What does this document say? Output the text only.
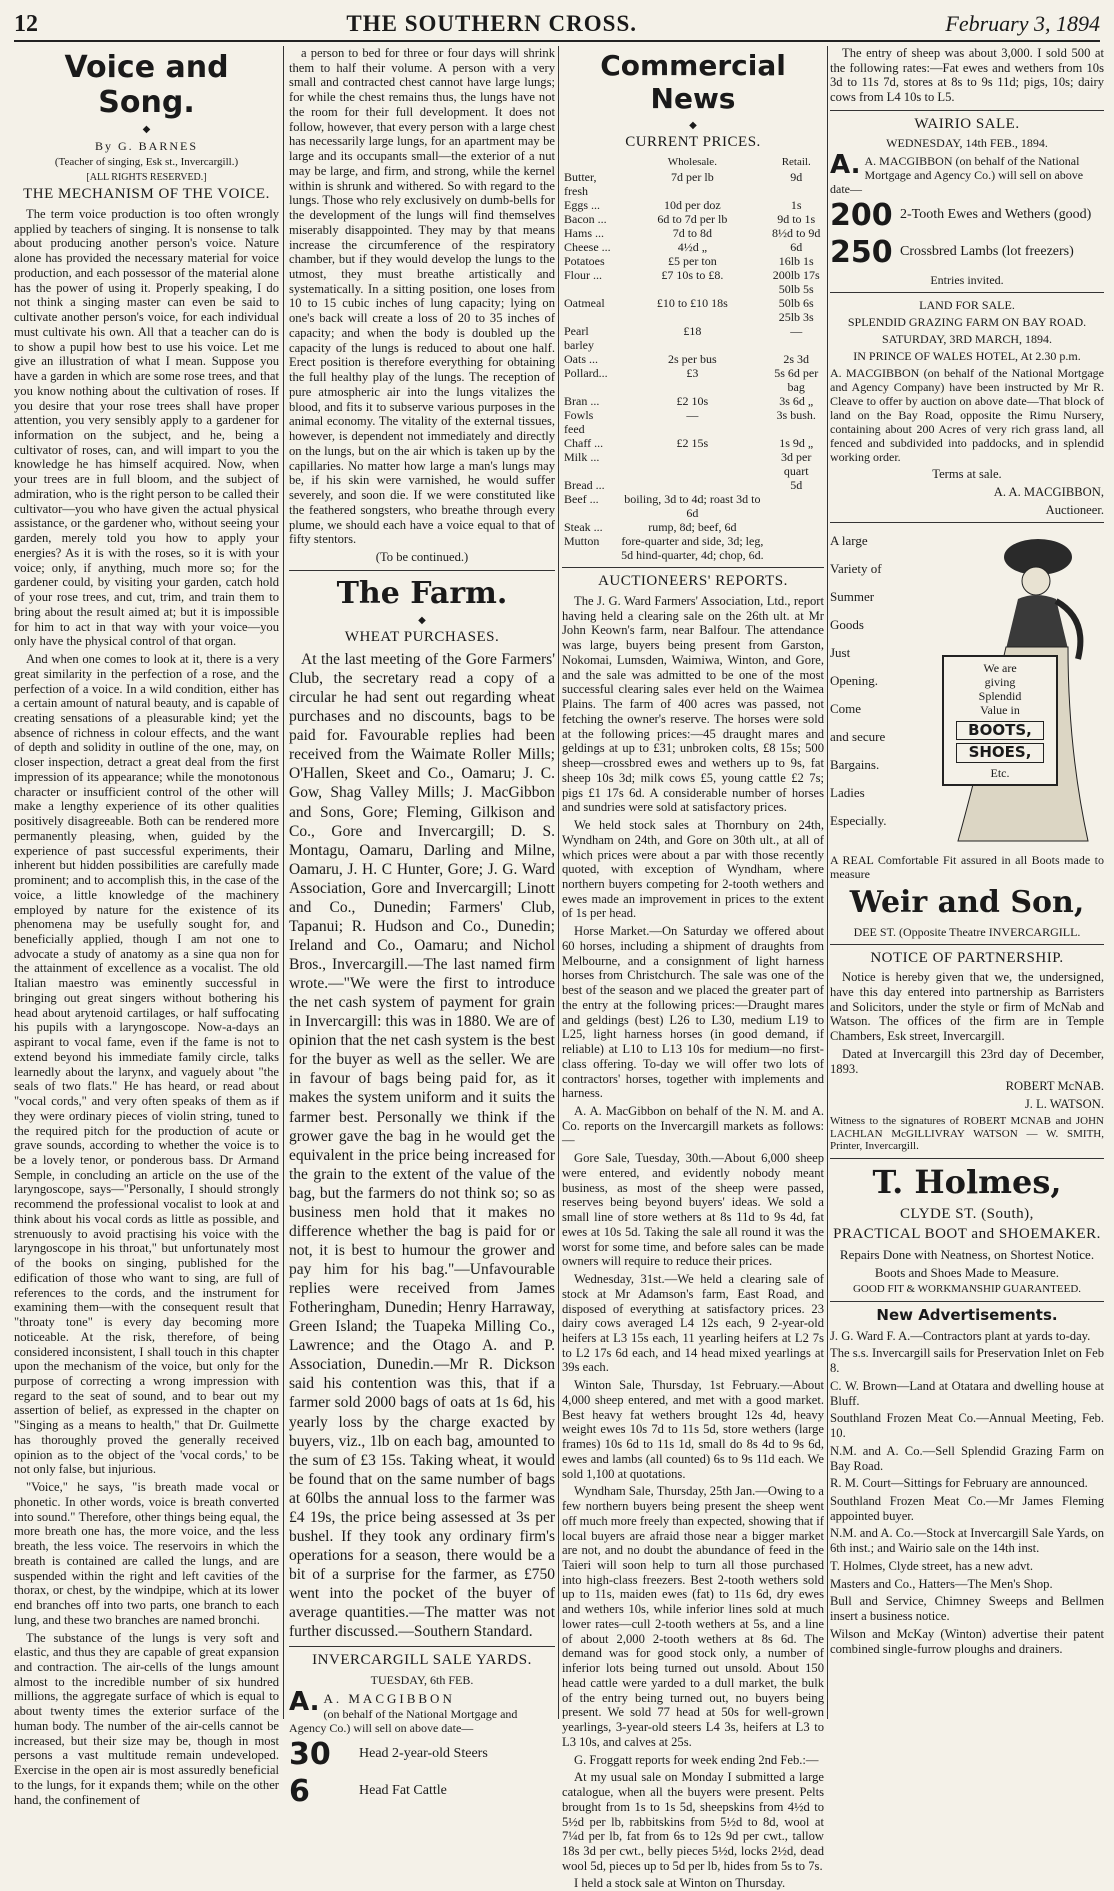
12	THE SOUTHERN CROSS.	February 3, 1894
Voice and Song.
◆
By G. BARNES
(Teacher of singing, Esk st., Invercargill.)
[ALL RIGHTS RESERVED.]
THE MECHANISM OF THE VOICE.

The term voice production is too often wrongly applied by teachers of singing. It is nonsense to talk about producing another person's voice. Nature alone has provided the necessary material for voice production, and each possessor of the material alone has the power of using it. Properly speaking, I do not think a singing master can even be said to cultivate another person's voice, for each individual must cultivate his own. All that a teacher can do is to show a pupil how best to use his voice. Let me give an illustration of what I mean. Suppose you have a garden in which are some rose trees, and that you know nothing about the cultivation of roses. If you desire that your rose trees shall have proper attention, you very sensibly apply to a gardener for information on the subject, and he, being a cultivator of roses, can, and will impart to you the knowledge he has himself acquired. Now, when your trees are in full bloom, and the subject of admiration, who is the right person to be called their cultivator—you who have given the actual physical assistance, or the gardener who, without seeing your garden, merely told you how to apply your energies? As it is with the roses, so it is with your voice; only, if anything, much more so; for the gardener could, by visiting your garden, catch hold of your rose trees, and cut, trim, and train them to bring about the result aimed at; but it is impossible for him to act in that way with your voice—you only have the physical control of that organ.

And when one comes to look at it, there is a very great similarity in the perfection of a rose, and the perfection of a voice. In a wild condition, either has a certain amount of natural beauty, and is capable of creating sensations of a pleasurable kind; yet the absence of richness in colour effects, and the want of depth and solidity in outline of the one, may, on closer inspection, detract a great deal from the first impression of its appearance; while the monotonous character or insufficient control of the other will make a lengthy experience of its other qualities positively disagreeable. Both can be rendered more permanently pleasing, when, guided by the experience of past successful experiments, their inherent but hidden possibilities are carefully made prominent; and to accomplish this, in the case of the voice, a little knowledge of the machinery employed by nature for the existence of its phenomena may be usefully sought for, and beneficially applied, though I am not one to advocate a study of anatomy as a sine qua non for the attainment of excellence as a vocalist. The old Italian maestro was eminently successful in bringing out great singers without bothering his head about arytenoid cartilages, or half suffocating his pupils with a laryngoscope. Now-a-days an aspirant to vocal fame, even if the fame is not to extend beyond his immediate family circle, talks learnedly about the larynx, and vaguely about "the seals of two flats." He has heard, or read about "vocal cords," and very often speaks of them as if they were ordinary pieces of violin string, tuned to the required pitch for the production of acute or grave sounds, according to whether the voice is to be a lovely tenor, or ponderous bass. Dr Armand Semple, in concluding an article on the use of the laryngoscope, says—"Personally, I should strongly recommend the professional vocalist to look at and think about his vocal cords as little as possible, and strenuously to avoid practising his voice with the laryngoscope in his throat," but unfortunately most of the books on singing, published for the edification of those who want to sing, are full of references to the cords, and the instrument for examining them—with the consequent result that "throaty tone" is every day becoming more noticeable. At the risk, therefore, of being considered inconsistent, I shall touch in this chapter upon the mechanism of the voice, but only for the purpose of correcting a wrong impression with regard to the seat of sound, and to bear out my assertion of belief, as expressed in the chapter on "Singing as a means to health," that Dr. Guilmette has thoroughly proved the generally received opinion as to the object of the 'vocal cords,' to be not only false, but injurious.

"Voice," he says, "is breath made vocal or phonetic. In other words, voice is breath converted into sound." Therefore, other things being equal, the more breath one has, the more voice, and the less breath, the less voice. The reservoirs in which the breath is contained are called the lungs, and are suspended within the right and left cavities of the thorax, or chest, by the windpipe, which at its lower end branches off into two parts, one branch to each lung, and these two branches are named bronchi.

The substance of the lungs is very soft and elastic, and thus they are capable of great expansion and contraction. The air-cells of the lungs amount almost to the incredible number of six hundred millions, the aggregate surface of which is equal to about twenty times the exterior surface of the human body. The number of the air-cells cannot be increased, but their size may be, though in most persons a vast multitude remain undeveloped. Exercise in the open air is most assuredly beneficial to the lungs, for it expands them; while on the other hand, the confinement of

a person to bed for three or four days will shrink them to half their volume. A person with a very small and contracted chest cannot have large lungs; for while the chest remains thus, the lungs have not the room for their full development. It does not follow, however, that every person with a large chest has necessarily large lungs, for an apartment may be large and its occupants small—the exterior of a nut may be large, and firm, and strong, while the kernel within is shrunk and withered. So with regard to the lungs. Those who rely exclusively on dumb-bells for the development of the lungs will find themselves miserably disappointed. They may by that means increase the circumference of the respiratory chamber, but if they would develop the lungs to the utmost, they must breathe artistically and systematically. In a sitting position, one loses from 10 to 15 cubic inches of lung capacity; lying on one's back will create a loss of 20 to 35 inches of capacity; and when the body is doubled up the capacity of the lungs is reduced to about one half. Erect position is therefore everything for obtaining the full healthy play of the lungs. The reception of pure atmospheric air into the lungs vitalizes the blood, and fits it to subserve various purposes in the animal economy. The vitality of the external tissues, however, is dependent not immediately and directly on the lungs, but on the air which is taken up by the capillaries. No matter how large a man's lungs may be, if his skin were varnished, he would suffer severely, and soon die. If we were constituted like the feathered songsters, who breathe through every plume, we should each have a voice equal to that of fifty stentors.

(To be continued.)

The Farm.
◆
WHEAT PURCHASES.

At the last meeting of the Gore Farmers' Club, the secretary read a copy of a circular he had sent out regarding wheat purchases and no discounts, bags to be paid for. Favourable replies had been received from the Waimate Roller Mills; O'Hallen, Skeet and Co., Oamaru; J. C. Gow, Shag Valley Mills; J. MacGibbon and Sons, Gore; Fleming, Gilkison and Co., Gore and Invercargill; D. S. Montagu, Oamaru, Darling and Milne, Oamaru, J. H. C Hunter, Gore; J. G. Ward Association, Gore and Invercargill; Linott and Co., Dunedin; Farmers' Club, Tapanui; R. Hudson and Co., Dunedin; Ireland and Co., Oamaru; and Nichol Bros., Invercargill.—The last named firm wrote.—"We were the first to introduce the net cash system of payment for grain in Invercargill: this was in 1880. We are of opinion that the net cash system is the best for the buyer as well as the seller. We are in favour of bags being paid for, as it makes the system uniform and it suits the farmer best. Personally we think if the grower gave the bag in he would get the equivalent in the price being increased for the grain to the extent of the value of the bag, but the farmers do not think so; so as business men hold that it makes no difference whether the bag is paid for or not, it is best to humour the grower and pay him for his bag."—Unfavourable replies were received from James Fotheringham, Dunedin; Henry Harraway, Green Island; the Tuapeka Milling Co., Lawrence; and the Otago A. and P. Association, Dunedin.—Mr R. Dickson said his contention was this, that if a farmer sold 2000 bags of oats at 1s 6d, his yearly loss by the charge exacted by buyers, viz., 1lb on each bag, amounted to the sum of £3 15s. Taking wheat, it would be found that on the same number of bags at 60lbs the annual loss to the farmer was £4 19s, the price being assessed at 3s per bushel. If they took any ordinary firm's operations for a season, there would be a bit of a surprise for the farmer, as £750 went into the pocket of the buyer of average quantities.—The matter was not further discussed.—Southern Standard.

INVERCARGILL SALE YARDS.
TUESDAY, 6th FEB.
A. A. MACGIBBON
(on behalf of the National Mortgage and Agency Co.) will sell on above date—
30	Head 2-year-old Steers
6	Head Fat Cattle
Commercial News
◆
CURRENT PRICES.
	Wholesale.	Retail.
Butter, fresh	7d per lb	9d
Eggs ...	10d per doz	1s
Bacon ...	6d to 7d per lb	9d to 1s
Hams ...	7d to 8d	8½d to 9d
Cheese ...	4½d „	6d
Potatoes	£5 per ton	16lb 1s
Flour ...	£7 10s to £8.	200lb 17s 50lb 5s
Oatmeal	£10 to £10 18s	50lb 6s 25lb 3s
Pearl barley	£18	—
Oats ...	2s per bus	2s 3d
Pollard...	£3	5s 6d per bag
Bran ...	£2 10s	3s 6d „
Fowls feed	—	3s bush.
Chaff ...	£2 15s	1s 9d „
Milk ...		3d per quart
Bread ...		5d
Beef ...	boiling, 3d to 4d; roast 3d to 6d	
Steak ...	rump, 8d; beef, 6d	
Mutton	fore-quarter and side, 3d; leg, 5d hind-quarter, 4d; chop, 6d.	
AUCTIONEERS' REPORTS.

The J. G. Ward Farmers' Association, Ltd., report having held a clearing sale on the 26th ult. at Mr John Keown's farm, near Balfour. The attendance was large, buyers being present from Garston, Nokomai, Lumsden, Waimiwa, Winton, and Gore, and the sale was admitted to be one of the most successful clearing sales ever held on the Waimea Plains. The farm of 400 acres was passed, not fetching the owner's reserve. The horses were sold at the following prices:—45 draught mares and geldings at up to £31; unbroken colts, £8 15s; 500 sheep—crossbred ewes and wethers up to 9s, fat sheep 10s 3d; milk cows £5, young cattle £2 7s; pigs £1 17s 6d. A considerable number of horses and sundries were sold at satisfactory prices.

We held stock sales at Thornbury on 24th, Wyndham on 24th, and Gore on 30th ult., at all of which prices were about a par with those recently quoted, with exception of Wyndham, where northern buyers competing for 2-tooth wethers and ewes made an improvement in prices to the extent of 1s per head.

Horse Market.—On Saturday we offered about 60 horses, including a shipment of draughts from Melbourne, and a consignment of light harness horses from Christchurch. The sale was one of the best of the season and we placed the greater part of the entry at the following prices:—Draught mares and geldings (best) L26 to L30, medium L19 to L25, light harness horses (in good demand, if reliable) at L10 to L13 10s for medium—no first-class offering. To-day we will offer two lots of contractors' horses, together with implements and harness.

A. A. MacGibbon on behalf of the N. M. and A. Co. reports on the Invercargill markets as follows:—

Gore Sale, Tuesday, 30th.—About 6,000 sheep were entered, and evidently nobody meant business, as most of the sheep were passed, reserves being beyond buyers' ideas. We sold a small line of store wethers at 8s 11d to 9s 4d, fat ewes at 10s 5d. Taking the sale all round it was the worst for some time, and before sales can be made owners will require to reduce their prices.

Wednesday, 31st.—We held a clearing sale of stock at Mr Adamson's farm, East Road, and disposed of everything at satisfactory prices. 23 dairy cows averaged L4 12s each, 9 2-year-old heifers at L3 15s each, 11 yearling heifers at L2 7s to L2 17s 6d each, and 14 head mixed yearlings at 39s each.

Winton Sale, Thursday, 1st February.—About 4,000 sheep entered, and met with a good market. Best heavy fat wethers brought 12s 4d, heavy weight ewes 10s 7d to 11s 5d, store wethers (large frames) 10s 6d to 11s 1d, small do 8s 4d to 9s 6d, ewes and lambs (all counted) 6s to 9s 11d each. We sold 1,100 at quotations.

Wyndham Sale, Thursday, 25th Jan.—Owing to a few northern buyers being present the sheep went off much more freely than expected, showing that if local buyers are afraid those near a bigger market are not, and no doubt the abundance of feed in the Taieri will soon help to turn all those purchased into high-class freezers. Best 2-tooth wethers sold up to 11s, maiden ewes (fat) to 11s 6d, dry ewes and wethers 10s, while inferior lines sold at much lower rates—cull 2-tooth wethers at 5s, and a line of about 2,000 2-tooth wethers at 8s 6d. The demand was for good stock only, a number of inferior lots being turned out unsold. About 150 head cattle were yarded to a dull market, the bulk of the entry being turned out, no buyers being present. We sold 77 head at 50s for well-grown yearlings, 3-year-old steers L4 3s, heifers at L3 to L3 10s, and calves at 25s.

G. Froggatt reports for week ending 2nd Feb.:—

At my usual sale on Monday I submitted a large catalogue, when all the buyers were present. Pelts brought from 1s to 1s 5d, sheepskins from 4½d to 5½d per lb, rabbitskins from 5½d to 8d, wool at 7¼d per lb, fat from 6s to 12s 9d per cwt., tallow 18s 3d per cwt., belly pieces 5½d, locks 2½d, dead wool 5d, pieces up to 5d per lb, hides from 5s to 7s.

I held a stock sale at Winton on Thursday.

The entry of sheep was about 3,000. I sold 500 at the following rates:—Fat ewes and wethers from 10s 3d to 11s 7d, stores at 8s to 9s 11d; pigs, 10s; dairy cows from L4 10s to L5.

WAIRIO SALE.
WEDNESDAY, 14th FEB., 1894.
A. A. MACGIBBON (on behalf of the National Mortgage and Agency Co.) will sell on above date—
200 2-Tooth Ewes and Wethers (good)
250 Crossbred Lambs (lot freezers)
Entries invited.
LAND FOR SALE.
SPLENDID GRAZING FARM ON BAY ROAD.
SATURDAY, 3RD MARCH, 1894.
IN PRINCE OF WALES HOTEL, At 2.30 p.m.

A. MACGIBBON (on behalf of the National Mortgage and Agency Company) have been instructed by Mr R. Cleave to offer by auction on above date—That block of land on the Bay Road, opposite the Rimu Nursery, containing about 200 Acres of very rich grass land, all fenced and subdivided into paddocks, and in splendid working order.

Terms at sale.

A. A. MACGIBBON,

Auctioneer.

A large
Variety of
Summer
Goods
Just
Opening.
Come
and secure
Bargains.
Ladies
Especially.
We are
giving
Splendid
Value in
BOOTS,
SHOES,
Etc.

A REAL Comfortable Fit assured in all Boots made to measure

Weir and Son,
DEE ST. (Opposite Theatre INVERCARGILL.
NOTICE OF PARTNERSHIP.

Notice is hereby given that we, the undersigned, have this day entered into partnership as Barristers and Solicitors, under the style or firm of McNab and Watson. The offices of the firm are in Temple Chambers, Esk street, Invercargill.

Dated at Invercargill this 23rd day of December, 1893.

ROBERT McNAB.

J. L. WATSON.

Witness to the signatures of ROBERT MCNAB and JOHN LACHLAN McGILLIVRAY WATSON — W. SMITH, Printer, Invercargill.

T. Holmes,
CLYDE ST. (South),
PRACTICAL BOOT and SHOEMAKER.
Repairs Done with Neatness, on Shortest Notice.
Boots and Shoes Made to Measure.
GOOD FIT & WORKMANSHIP GUARANTEED.
New Advertisements.

J. G. Ward F. A.—Contractors plant at yards to-day.

The s.s. Invercargill sails for Preservation Inlet on Feb 8.

C. W. Brown—Land at Otatara and dwelling house at Bluff.

Southland Frozen Meat Co.—Annual Meeting, Feb. 10.

N.M. and A. Co.—Sell Splendid Grazing Farm on Bay Road.

R. M. Court—Sittings for February are announced.

Southland Frozen Meat Co.—Mr James Fleming appointed buyer.

N.M. and A. Co.—Stock at Invercargill Sale Yards, on 6th inst.; and Wairio sale on the 14th inst.

T. Holmes, Clyde street, has a new advt.

Masters and Co., Hatters—The Men's Shop.

Bull and Service, Chimney Sweeps and Bellmen insert a business notice.

Wilson and McKay (Winton) advertise their patent combined single-furrow ploughs and drainers.
